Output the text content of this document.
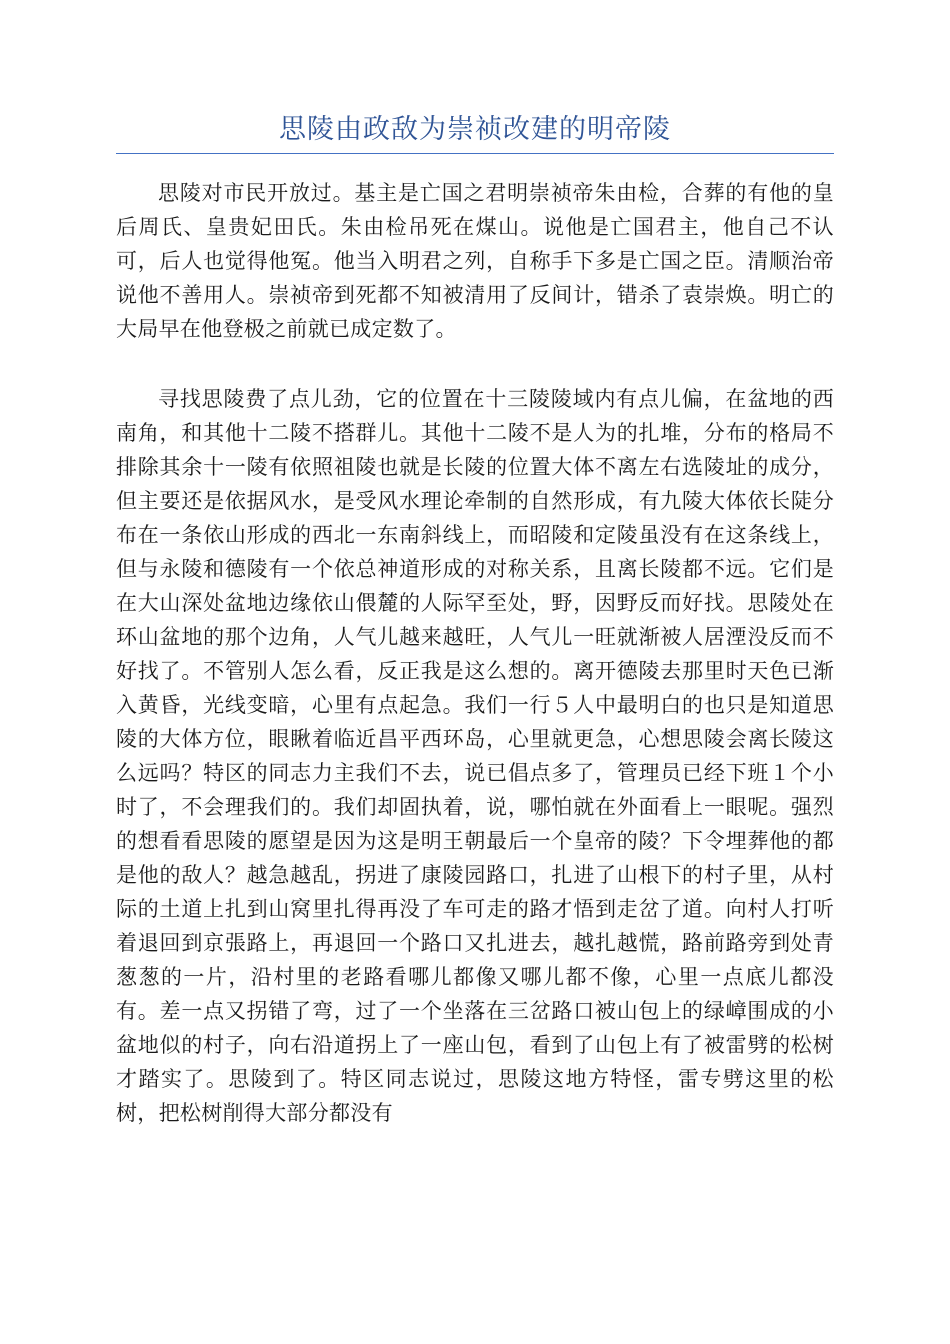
思陵由政敌为崇祯改建的明帝陵

思陵对市民开放过。基主是亡国之君明崇祯帝朱由检，合葬的有他的皇后周氏、皇贵妃田氏。朱由检吊死在煤山。说他是亡国君主，他自己不认可，后人也觉得他冤。他当入明君之列，自称手下多是亡国之臣。清顺治帝说他不善用人。崇祯帝到死都不知被清用了反间计，错杀了袁崇焕。明亡的大局早在他登极之前就已成定数了。

寻找思陵费了点儿劲，它的位置在十三陵陵域内有点儿偏，在盆地的西南角，和其他十二陵不搭群儿。其他十二陵不是人为的扎堆，分布的格局不排除其余十一陵有依照祖陵也就是长陵的位置大体不离左右选陵址的成分，但主要还是依据风水，是受风水理论牵制的自然形成，有九陵大体依长陡分布在一条依山形成的西北一东南斜线上，而昭陵和定陵虽没有在这条线上，但与永陵和德陵有一个依总神道形成的对称关系，且离长陵都不远。它们是在大山深处盆地边缘依山偎麓的人际罕至处，野，因野反而好找。思陵处在环山盆地的那个边角，人气儿越来越旺，人气儿一旺就渐被人居湮没反而不好找了。不管别人怎么看，反正我是这么想的。离开德陵去那里时天色已渐入黄昏，光线变暗，心里有点起急。我们一行５人中最明白的也只是知道思陵的大体方位，眼瞅着临近昌平西环岛，心里就更急，心想思陵会离长陵这么远吗？特区的同志力主我们不去，说已倡点多了，管理员已经下班１个小时了，不会理我们的。我们却固执着，说，哪怕就在外面看上一眼呢。强烈的想看看思陵的愿望是因为这是明王朝最后一个皇帝的陵？下令埋葬他的都是他的敌人？越急越乱，拐进了康陵园路口，扎进了山根下的村子里，从村际的土道上扎到山窝里扎得再没了车可走的路才悟到走岔了道。向村人打听着退回到京張路上，再退回一个路口又扎进去，越扎越慌，路前路旁到处青葱葱的一片，沿村里的老路看哪儿都像又哪儿都不像，心里一点底儿都没有。差一点又拐错了弯，过了一个坐落在三岔路口被山包上的绿嶂围成的小盆地似的村子，向右沿道拐上了一座山包，看到了山包上有了被雷劈的松树才踏实了。思陵到了。特区同志说过，思陵这地方特怪，雷专劈这里的松树，把松树削得大部分都没有
